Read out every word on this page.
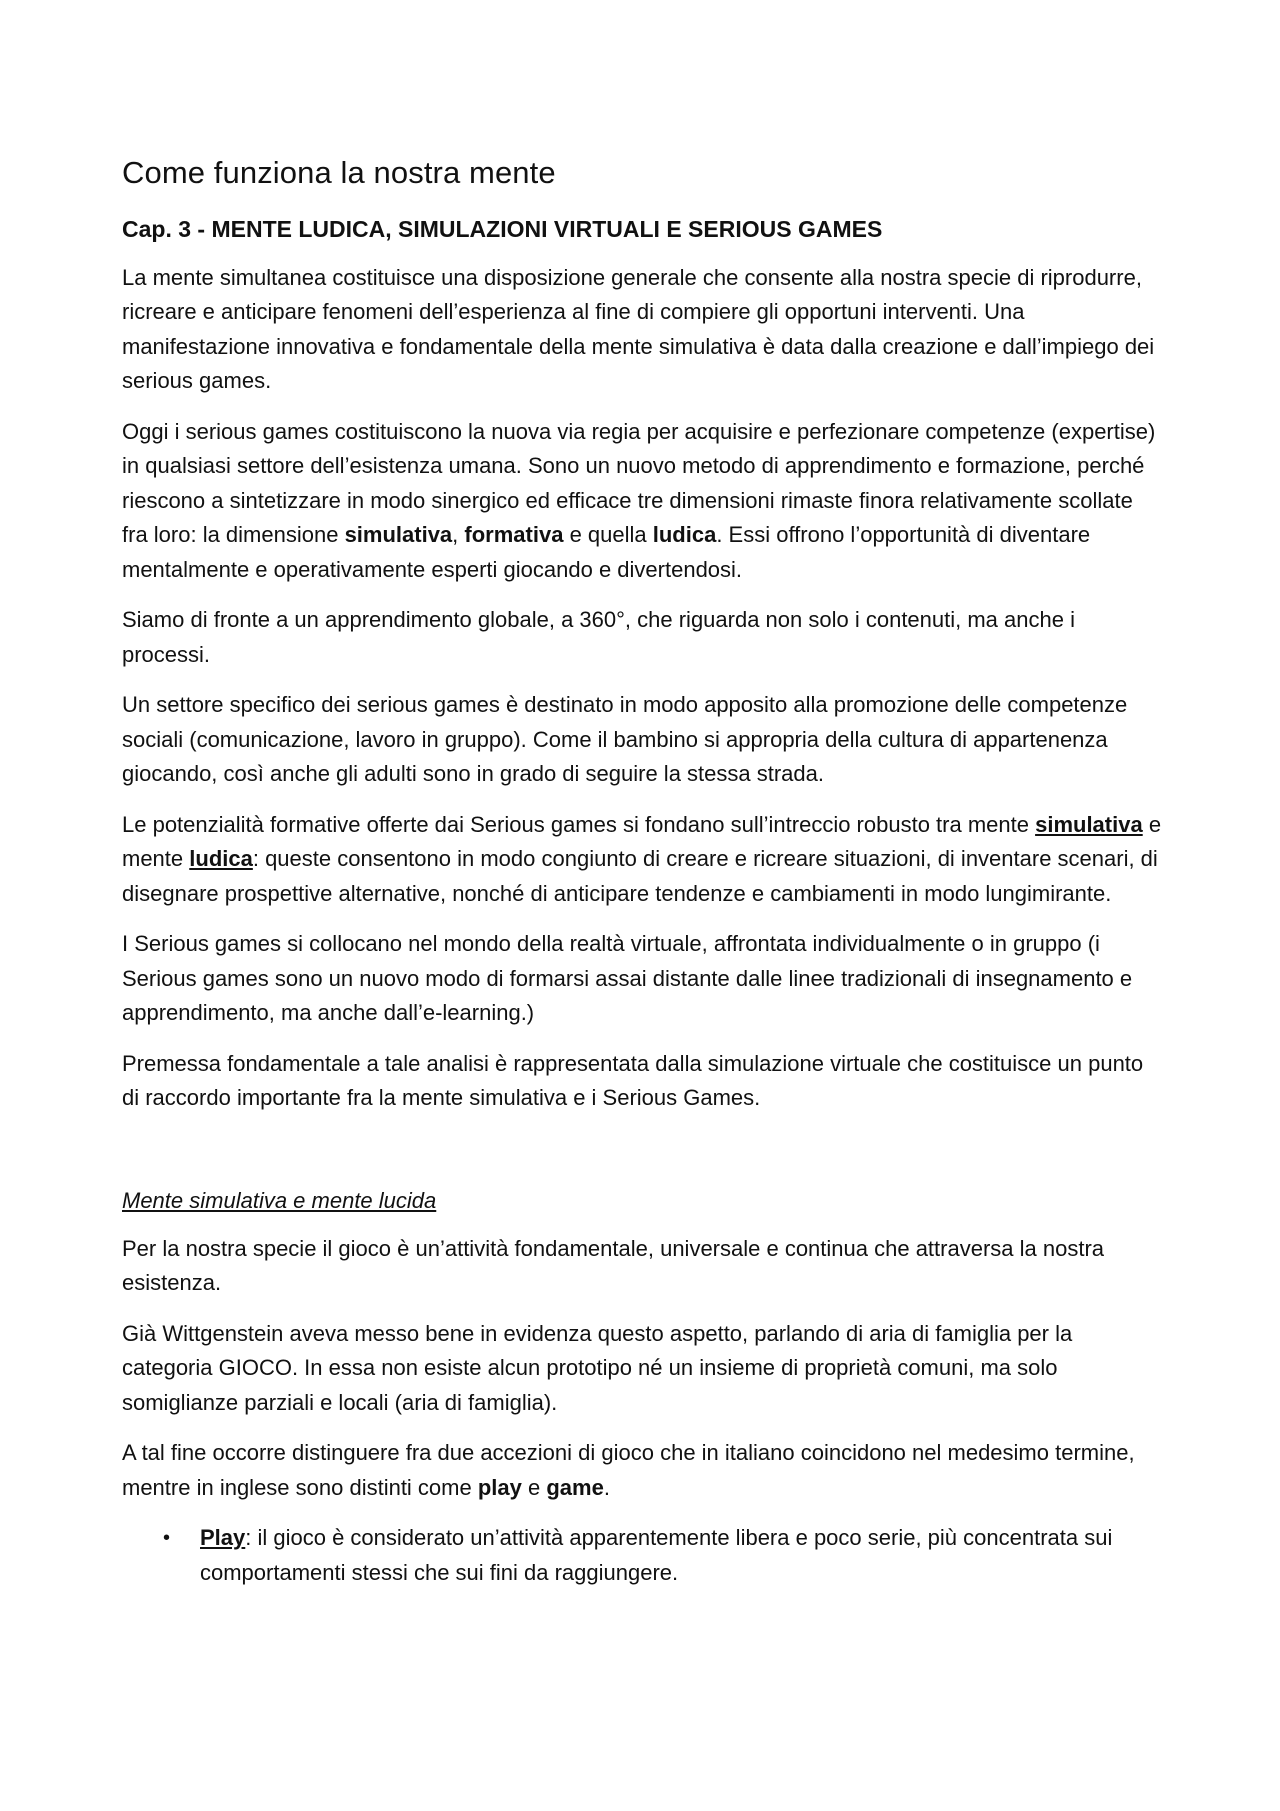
Come funziona la nostra mente
Cap. 3 - MENTE LUDICA, SIMULAZIONI VIRTUALI E SERIOUS GAMES

La mente simultanea costituisce una disposizione generale che consente alla nostra specie di riprodurre, ricreare e anticipare fenomeni dell’esperienza al fine di compiere gli opportuni interventi. Una manifestazione innovativa e fondamentale della mente simulativa è data dalla creazione e dall’impiego dei serious games.

Oggi i serious games costituiscono la nuova via regia per acquisire e perfezionare competenze (expertise) in qualsiasi settore dell’esistenza umana. Sono un nuovo metodo di apprendimento e formazione, perché riescono a sintetizzare in modo sinergico ed efficace tre dimensioni rimaste finora relativamente scollate fra loro: la dimensione simulativa, formativa e quella ludica. Essi offrono l’opportunità di diventare mentalmente e operativamente esperti giocando e divertendosi.

Siamo di fronte a un apprendimento globale, a 360°, che riguarda non solo i contenuti, ma anche i processi.

Un settore specifico dei serious games è destinato in modo apposito alla promozione delle competenze sociali (comunicazione, lavoro in gruppo). Come il bambino si appropria della cultura di appartenenza giocando, così anche gli adulti sono in grado di seguire la stessa strada.

Le potenzialità formative offerte dai Serious games si fondano sull’intreccio robusto tra mente simulativa e mente ludica: queste consentono in modo congiunto di creare e ricreare situazioni, di inventare scenari, di disegnare prospettive alternative, nonché di anticipare tendenze e cambiamenti in modo lungimirante.

I Serious games si collocano nel mondo della realtà virtuale, affrontata individualmente o in gruppo (i Serious games sono un nuovo modo di formarsi assai distante dalle linee tradizionali di insegnamento e apprendimento, ma anche dall’e-learning.)

Premessa fondamentale a tale analisi è rappresentata dalla simulazione virtuale che costituisce un punto di raccordo importante fra la mente simulativa e i Serious Games.

Mente simulativa e mente lucida

Per la nostra specie il gioco è un’attività fondamentale, universale e continua che attraversa la nostra esistenza.

Già Wittgenstein aveva messo bene in evidenza questo aspetto, parlando di aria di famiglia per la categoria GIOCO. In essa non esiste alcun prototipo né un insieme di proprietà comuni, ma solo somiglianze parziali e locali (aria di famiglia).

A tal fine occorre distinguere fra due accezioni di gioco che in italiano coincidono nel medesimo termine, mentre in inglese sono distinti come play e game.

• Play: il gioco è considerato un’attività apparentemente libera e poco serie, più concentrata sui comportamenti stessi che sui fini da raggiungere.
